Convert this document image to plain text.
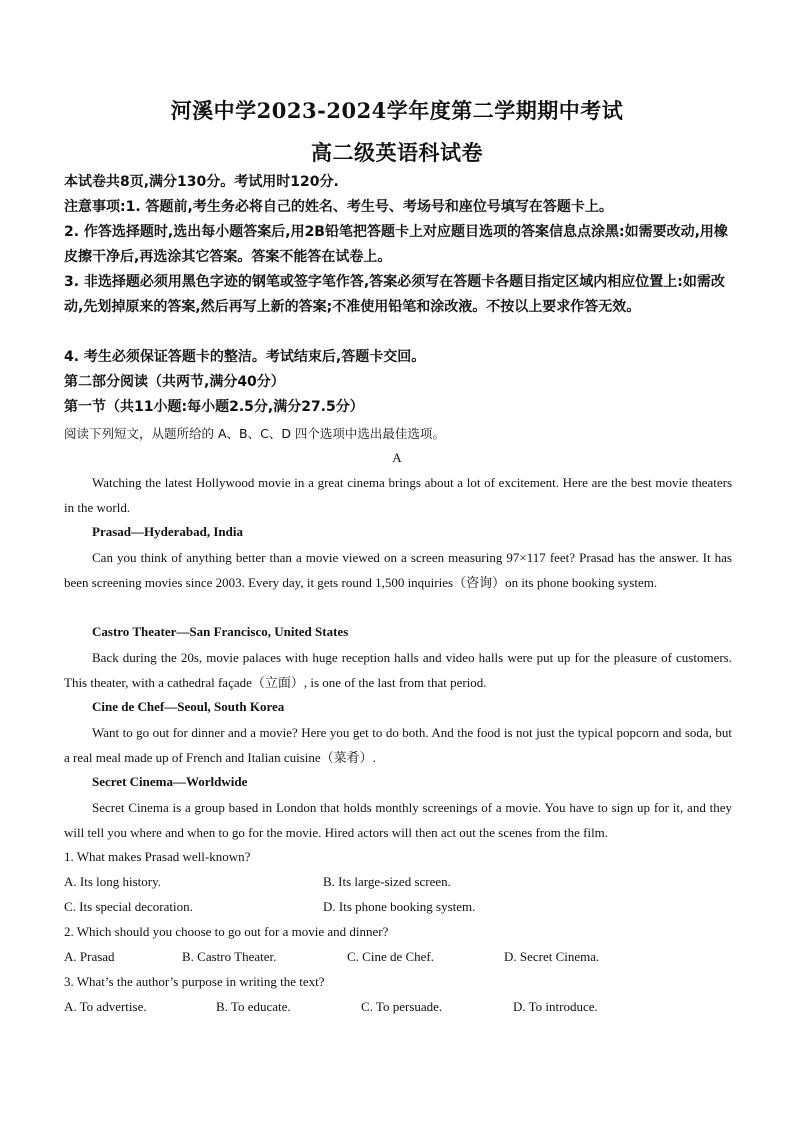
河溪中学2023-2024学年度第二学期期中考试
高二级英语科试卷
本试卷共8页,满分130分。考试用时120分.
注意事项:1. 答题前,考生务必将自己的姓名、考生号、考场号和座位号填写在答题卡上。
2. 作答选择题时,选出每小题答案后,用2B铅笔把答题卡上对应题目选项的答案信息点涂黑:如需要改动,用橡皮擦干净后,再选涂其它答案。答案不能答在试卷上。
3. 非选择题必须用黑色字迹的钢笔或签字笔作答,答案必须写在答题卡各题目指定区域内相应位置上:如需改动,先划掉原来的答案,然后再写上新的答案;不准使用铅笔和涂改液。不按以上要求作答无效。
4. 考生必须保证答题卡的整洁。考试结束后,答题卡交回。
第二部分阅读（共两节,满分40分）
第一节（共11小题:每小题2.5分,满分27.5分）
阅读下列短文，从题所给的 A、B、C、D 四个选项中选出最佳选项。
A
Watching the latest Hollywood movie in a great cinema brings about a lot of excitement. Here are the best movie theaters in the world.
Prasad—Hyderabad, India
Can you think of anything better than a movie viewed on a screen measuring 97×117 feet? Prasad has the answer. It has been screening movies since 2003. Every day, it gets round 1,500 inquiries（咨询）on its phone booking system.
Castro Theater—San Francisco, United States
Back during the 20s, movie palaces with huge reception halls and video halls were put up for the pleasure of customers. This theater, with a cathedral façade（立面）, is one of the last from that period.
Cine de Chef—Seoul, South Korea
Want to go out for dinner and a movie? Here you get to do both. And the food is not just the typical popcorn and soda, but a real meal made up of French and Italian cuisine（菜肴）.
Secret Cinema—Worldwide
Secret Cinema is a group based in London that holds monthly screenings of a movie. You have to sign up for it, and they will tell you where and when to go for the movie. Hired actors will then act out the scenes from the film.
1. What makes Prasad well-known?
A. Its long history.	B. Its large-sized screen.
C. Its special decoration.	D. Its phone booking system.
2. Which should you choose to go out for a movie and dinner?
A. Prasad	B. Castro Theater.	C. Cine de Chef.	D. Secret Cinema.
3. What’s the author’s purpose in writing the text?
A. To advertise.	B. To educate.	C. To persuade.	D. To introduce.
